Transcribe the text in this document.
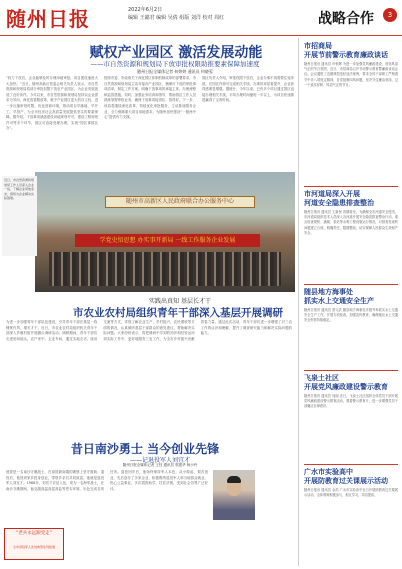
随州日报	2022年6月2日
编辑 王懿君 编辑 吴倩 组版 刘洋 校对 周红	战略合作	3
赋权产业园区 激活发展动能
——市自然资源和规划局下放审批权限助推要素保障加速度
随州日报全媒体记者 何婷婷 通讯员 何晓蓉
“权力下放后，企业能够及时办理用地审批，项目建设速度大大加快。”近日，随州高新区管委会相关负责人表示，市自然资源和规划局将部分审批权限下放至产业园区，为企业发展创造了良好条件。今年以来，市自然资源和规划局坚持以企业需求为导向，深化放管服改革，赋予产业园区更大的自主权，进一步压缩审批时限，优化营商环境，推动项目早落地、早开工、早投产，为全市经济社会高质量发展提供坚实的要素保障。据介绍，下放事项涵盖建设用地规划许可、建设工程规划许可等多个环节，园区可直接受理办理，实现“园区事园区办”。
按照市委、市政府关于深化园区体制机制改革的部署要求，市自然资源和规划局主动对接各产业园区，梳理可下放的审批事项清单，制定工作方案，明确下放事项的承接主体、办理流程和监管措施。同时，加强业务培训和指导，帮助园区工作人员熟练掌握审批业务，确保下放事项接得住、管得好。下一步，该局将继续深化改革，持续优化审批服务，主动靠前服务企业，全力保障重大项目用地需求，为随州加快建设“一极两中心”提供有力支撑。
园区负责人介绍，审批权限下放后，企业办事不再需要往返奔波，在园区内即可完成相关手续，办事效率显著提升，企业获得感明显增强。据统计，今年以来，已有多个项目通过园区直接办理相关手续，平均办理时间缩短一半以上，为项目快速推进赢得了宝贵时间。
随州市高新区人民政府联合办公服务中心
学党史悟思想 办实事开新局 一线工作服务企业发展
近日，市自然资源和规划局工作人员深入企业一线，了解企业用地需求，现场为企业解决实际困难。
实践出真知 基层长才干
市农业农村局组织青年干部深入基层开展调研
为进一步加强青年干部队伍建设，引导青年干部在基层一线锤炼作风、增长才干，近日，市农业农村局组织机关青年干部深入乡镇村组开展蹲点调研活动。调研期间，青年干部们走进田间地头、农户家中、企业车间，通过实地走访、座谈交流等方式，详细了解农业生产、乡村振兴、农民增收等方面的情况，认真倾听基层干部群众的意见建议，帮助解决实际问题。大家纷纷表示，将把调研中学到的知识和经验运用到实际工作中，更好地服务三农工作，为全市乡村振兴贡献青春力量。通过此次活动，青年干部们进一步增强了对三农工作的认识和理解，提升了调查研究能力和解决实际问题的能力。
昔日南沙勇士 当今创业先锋
——记退役军人刘宜才
随州日报全媒体记者 王钰 通讯员 郭建华 杨小玲
他曾是一名南沙守礁战士，在祖国最南端的礁堡上坚守数载；退役后，他回到家乡投身创业，带领乡亲们共同致富。他就是退役军人刘宜才。1988年，刘宜才应征入伍，成为一名海军战士，在南沙守礁期间，他克服高温高湿高盐等恶劣环境，出色完成各项任务。退役回乡后，他始终保持军人本色，从小做起，艰苦创业，先后创办了多家企业，积极吸纳退役军人和当地群众就业，热心公益事业，多次捐资助学、扶贫济困，受到社会各界广泛好评。
“老兵永远跟党走”
全市退役军人先进典型系列报道
市招商局
开展节前警示教育廉政谈话
随州日报讯 通讯员 叶恒辉 为进一步加强党风廉政建设，营造风清气正的节日氛围，近日，市招商局召开节前警示教育暨廉政谈话会议。会议通报了近期典型违纪违法案例，要求全体干部职工严格遵守中央八项规定精神，自觉抵制四风问题，坚决守住廉洁底线，过一个欢乐祥和、风清气正的节日。
市河道局深入开展
河道安全隐患排查整治
随州日报讯 通讯员 王新民 汛期将至，为确保全市河道安全度汛，市河道局组织技术人员深入各河道开展安全隐患排查整治行动，重点检查堤防、涵闸、泵站等水利工程设施运行情况，对排查发现的问题建立台账，明确责任，限期整改，切实保障人民群众生命财产安全。
随县地方海事处
抓实水上交通安全生产
随州日报讯 通讯员 蔡元武 随县地方海事处多措并举抓实水上交通安全生产工作，开展专项检查，加强宣传教育，确保辖区水上交通安全形势持续稳定。
飞泉土社区
开展党风廉政建设警示教育
随州日报讯 通讯员 何丽 近日，飞泉土社区组织全体党员干部开展党风廉政建设警示教育活动，观看警示教育片，进一步增强党员干部廉洁自律意识。
广水市实验高中
开展防教育过关课展示活动
随州日报讯 通讯员 余浩 广水市实验高中近日开展防教育过关课展示活动，全体教师积极参与，相互学习，共同提高。
